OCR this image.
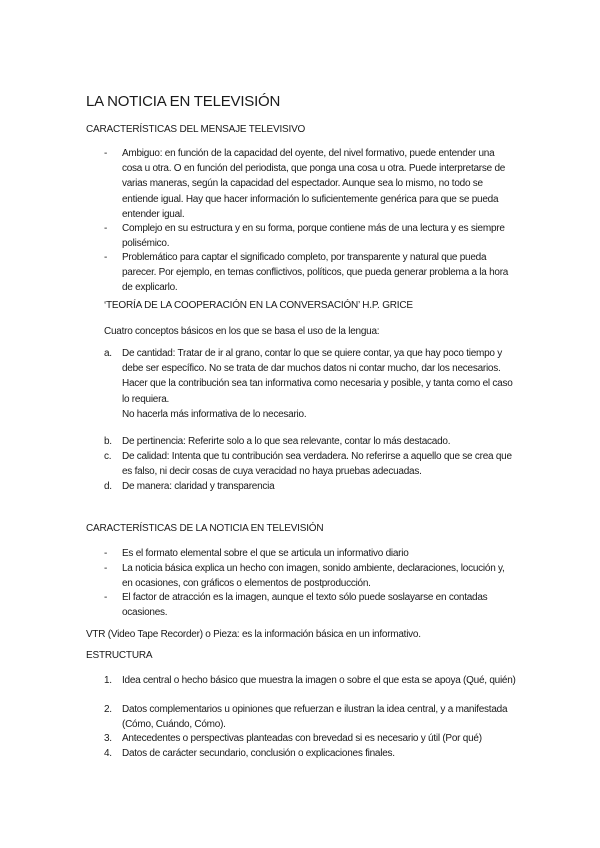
LA NOTICIA EN TELEVISIÓN
CARACTERÍSTICAS DEL MENSAJE TELEVISIVO
- Ambiguo: en función de la capacidad del oyente, del nivel formativo, puede entender una cosa u otra. O en función del periodista, que ponga una cosa u otra. Puede interpretarse de varias maneras, según la capacidad del espectador. Aunque sea lo mismo, no todo se entiende igual. Hay que hacer información lo suficientemente genérica para que se pueda entender igual.
- Complejo en su estructura y en su forma, porque contiene más de una lectura y es siempre polisémico.
- Problemático para captar el significado completo, por transparente y natural que pueda parecer. Por ejemplo, en temas conflictivos, políticos, que pueda generar problema a la hora de explicarlo.
‘TEORÍA DE LA COOPERACIÓN EN LA CONVERSACIÓN’ H.P. GRICE
Cuatro conceptos básicos en los que se basa el uso de la lengua:
a. De cantidad: Tratar de ir al grano, contar lo que se quiere contar, ya que hay poco tiempo y debe ser específico. No se trata de dar muchos datos ni contar mucho, dar los necesarios. Hacer que la contribución sea tan informativa como necesaria y posible, y tanta como el caso lo requiera.
No hacerla más informativa de lo necesario.
b. De pertinencia: Referirte solo a lo que sea relevante, contar lo más destacado.
c. De calidad: Intenta que tu contribución sea verdadera. No referirse a aquello que se crea que es falso, ni decir cosas de cuya veracidad no haya pruebas adecuadas.
d. De manera: claridad y transparencia
CARACTERÍSTICAS DE LA NOTICIA EN TELEVISIÓN
- Es el formato elemental sobre el que se articula un informativo diario
- La noticia básica explica un hecho con imagen, sonido ambiente, declaraciones, locución y, en ocasiones, con gráficos o elementos de postproducción.
- El factor de atracción es la imagen, aunque el texto sólo puede soslayarse en contadas ocasiones.
VTR (Video Tape Recorder) o Pieza: es la información básica en un informativo.
ESTRUCTURA
1. Idea central o hecho básico que muestra la imagen o sobre el que esta se apoya (Qué, quién)
2. Datos complementarios u opiniones que refuerzan e ilustran la idea central, y a manifestada (Cómo, Cuándo, Cómo).
3. Antecedentes o perspectivas planteadas con brevedad si es necesario y útil (Por qué)
4. Datos de carácter secundario, conclusión o explicaciones finales.
